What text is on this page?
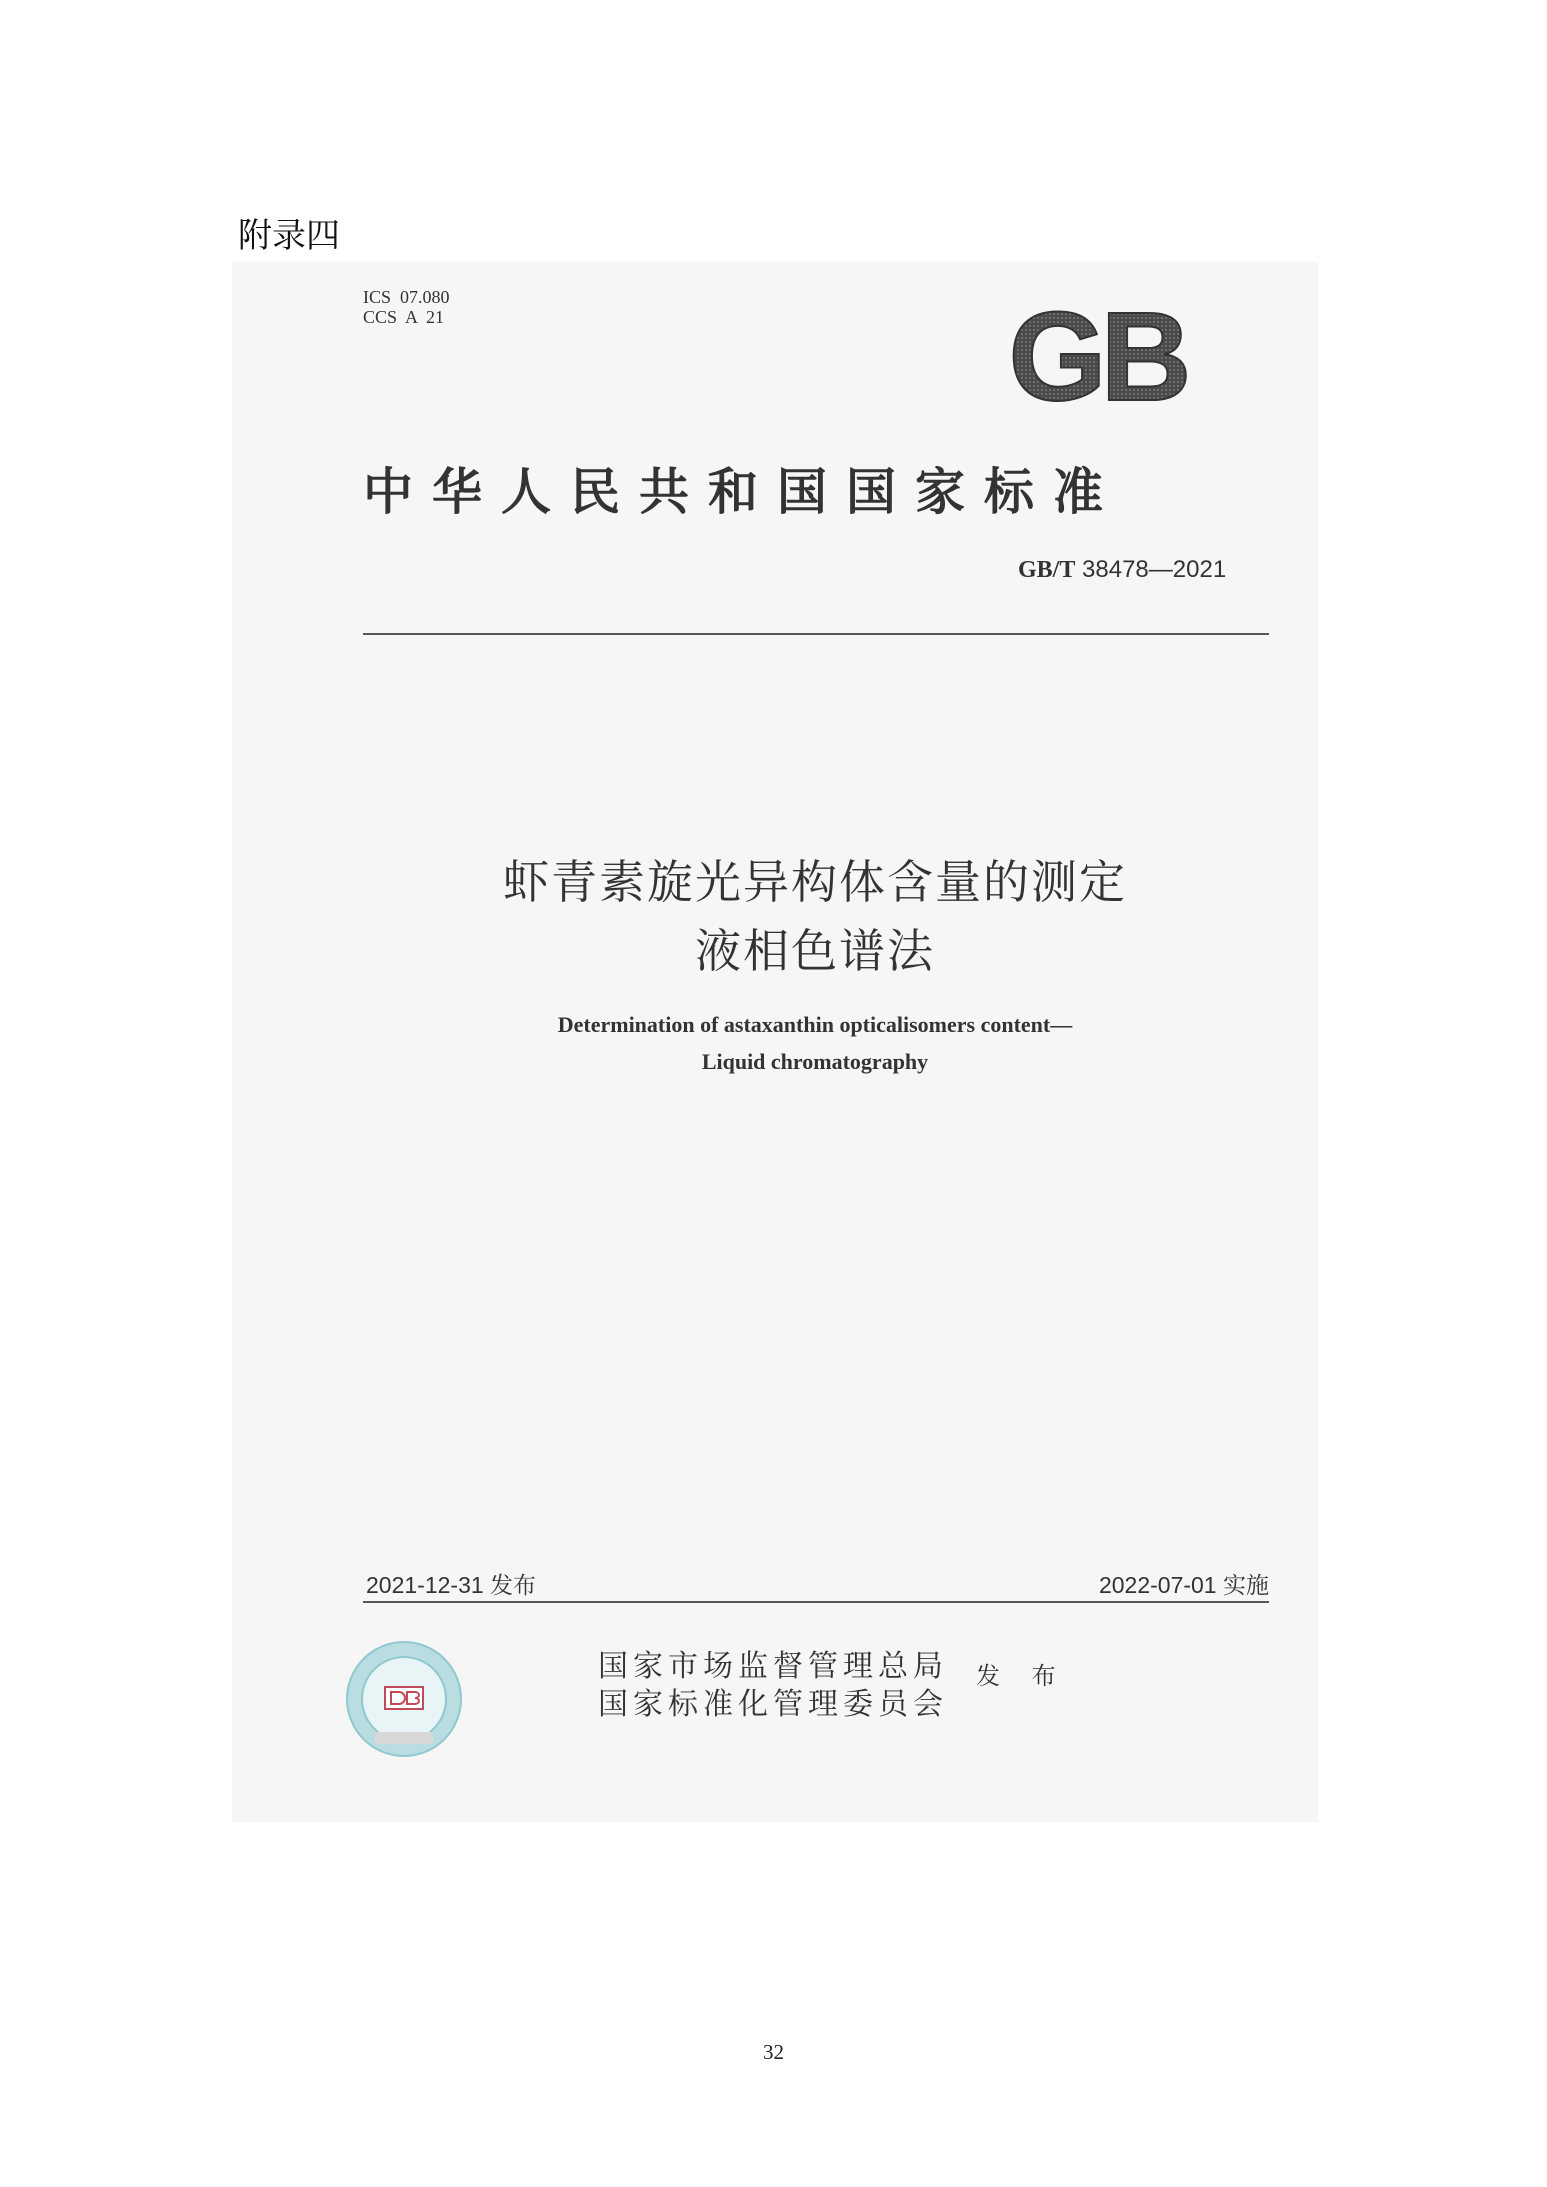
附录四
ICS  07.080
CCS  A  21	GB
中华人民共和国国家标准
GB/T 38478—2021
虾青素旋光异构体含量的测定
液相色谱法
Determination of astaxanthin opticalisomers content—
Liquid chromatography
2021-12-31 发布	2022-07-01 实施
国家市场监督管理总局
国家标准化管理委员会
发 布
32
